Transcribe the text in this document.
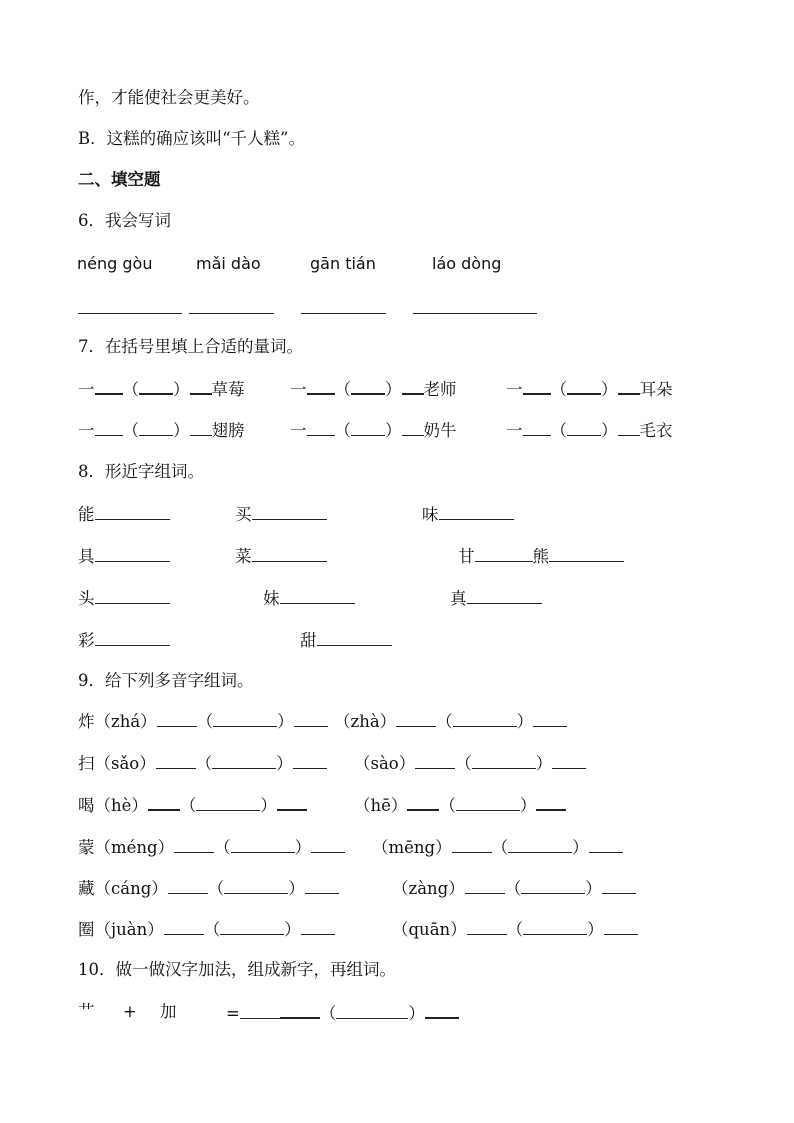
作，才能使社会更美好。
B．这糕的确应该叫“千人糕”。
二、填空题
6．我会写词
néng gòu	mǎi dào	gān tián	láo dòng
7．在括号里填上合适的量词。
一 （ ） 草莓	一 （ ） 老师	一 （ ） 耳朵
一 （ ） 翅膀	一 （ ） 奶牛	一 （ ） 毛衣
8．形近字组词。
能	买	味
具	菜	甘	熊
头	妹	真
彩	甜
9．给下列多音字组词。
炸（zhá） （	）	（zhà） （	）
扫（sǎo） （	）	（sào） （	）
喝（hè） （	）	（hē） （	）
蒙（méng） （	）	（mēng） （	）
藏（cáng） （	）	（zàng） （	）
圈（juàn） （	）	（quān） （	）
10．做一做汉字加法，组成新字，再组词。
艹 + 加	=	（	）
